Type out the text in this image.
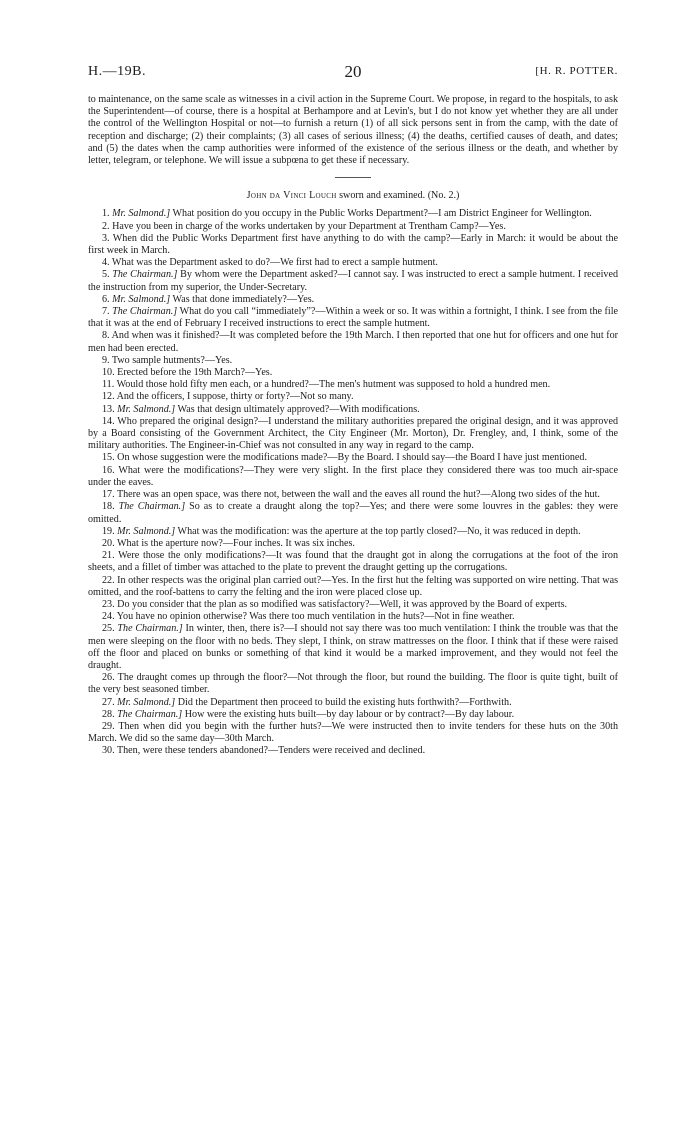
H.—19B.	20	[H. R. POTTER.

to maintenance, on the same scale as witnesses in a civil action in the Supreme Court. We propose, in regard to the hospitals, to ask the Superintendent—of course, there is a hospital at Berhampore and at Levin's, but I do not know yet whether they are all under the control of the Wellington Hospital or not—to furnish a return (1) of all sick persons sent in from the camp, with the date of reception and discharge; (2) their complaints; (3) all cases of serious illness; (4) the deaths, certified causes of death, and dates; and (5) the dates when the camp authorities were informed of the existence of the serious illness or the death, and whether by letter, telegram, or telephone. We will issue a subpœna to get these if necessary.

John da Vinci Louch sworn and examined. (No. 2.)

1. Mr. Salmond.] What position do you occupy in the Public Works Department?—I am District Engineer for Wellington.

2. Have you been in charge of the works undertaken by your Department at Trentham Camp?—Yes.

3. When did the Public Works Department first have anything to do with the camp?—Early in March: it would be about the first week in March.

4. What was the Department asked to do?—We first had to erect a sample hutment.

5. The Chairman.] By whom were the Department asked?—I cannot say. I was instructed to erect a sample hutment. I received the instruction from my superior, the Under-Secretary.

6. Mr. Salmond.] Was that done immediately?—Yes.

7. The Chairman.] What do you call “immediately”?—Within a week or so. It was within a fortnight, I think. I see from the file that it was at the end of February I received instructions to erect the sample hutment.

8. And when was it finished?—It was completed before the 19th March. I then reported that one hut for officers and one hut for men had been erected.

9. Two sample hutments?—Yes.

10. Erected before the 19th March?—Yes.

11. Would those hold fifty men each, or a hundred?—The men's hutment was supposed to hold a hundred men.

12. And the officers, I suppose, thirty or forty?—Not so many.

13. Mr. Salmond.] Was that design ultimately approved?—With modifications.

14. Who prepared the original design?—I understand the military authorities prepared the original design, and it was approved by a Board consisting of the Government Architect, the City Engineer (Mr. Morton), Dr. Frengley, and, I think, some of the military authorities. The Engineer-in-Chief was not consulted in any way in regard to the camp.

15. On whose suggestion were the modifications made?—By the Board. I should say—the Board I have just mentioned.

16. What were the modifications?—They were very slight. In the first place they considered there was too much air-space under the eaves.

17. There was an open space, was there not, between the wall and the eaves all round the hut?—Along two sides of the hut.

18. The Chairman.] So as to create a draught along the top?—Yes; and there were some louvres in the gables: they were omitted.

19. Mr. Salmond.] What was the modification: was the aperture at the top partly closed?—No, it was reduced in depth.

20. What is the aperture now?—Four inches. It was six inches.

21. Were those the only modifications?—It was found that the draught got in along the corrugations at the foot of the iron sheets, and a fillet of timber was attached to the plate to prevent the draught getting up the corrugations.

22. In other respects was the original plan carried out?—Yes. In the first hut the felting was supported on wire netting. That was omitted, and the roof-battens to carry the felting and the iron were placed close up.

23. Do you consider that the plan as so modified was satisfactory?—Well, it was approved by the Board of experts.

24. You have no opinion otherwise? Was there too much ventilation in the huts?—Not in fine weather.

25. The Chairman.] In winter, then, there is?—I should not say there was too much ventilation: I think the trouble was that the men were sleeping on the floor with no beds. They slept, I think, on straw mattresses on the floor. I think that if these were raised off the floor and placed on bunks or something of that kind it would be a marked improvement, and they would not feel the draught.

26. The draught comes up through the floor?—Not through the floor, but round the building. The floor is quite tight, built of the very best seasoned timber.

27. Mr. Salmond.] Did the Department then proceed to build the existing huts forthwith?—Forthwith.

28. The Chairman.] How were the existing huts built—by day labour or by contract?—By day labour.

29. Then when did you begin with the further huts?—We were instructed then to invite tenders for these huts on the 30th March. We did so the same day—30th March.

30. Then, were these tenders abandoned?—Tenders were received and declined.
